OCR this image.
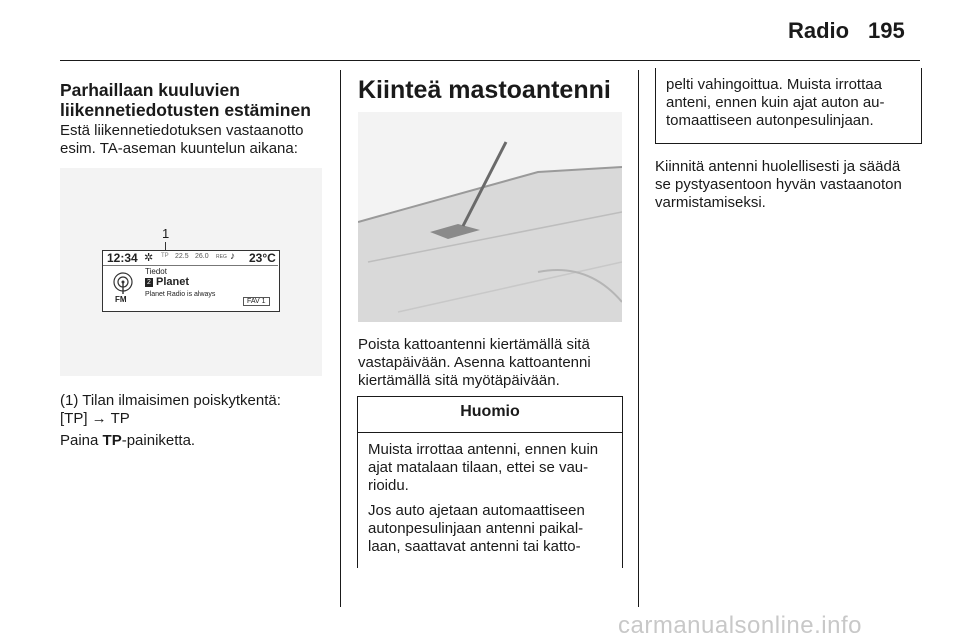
Radio 195
Parhaillaan kuuluvien
liikennetiedotusten estäminen
Estä liikennetiedotuksen vastaanotto
esim. TA-aseman kuuntelun aikana:
1
12:34 ✲ TP 22.5 26.0 REG ♪ 23°C
FM
Tiedot
2 Planet
Planet Radio is always
FAV 1
(1) Tilan ilmaisimen poiskytkentä:
[TP] → TP
Paina TP-painiketta.
Kiinteä mastoantenni
Poista kattoantenni kiertämällä sitä
vastapäivään. Asenna kattoantenni
kiertämällä sitä myötäpäivään.
Huomio

Muista irrottaa antenni, ennen kuin
ajat matalaan tilaan, ettei se vau-
rioidu.

Jos auto ajetaan automaattiseen
autonpesulinjaan antenni paikal-
laan, saattavat antenni tai katto-

pelti vahingoittua. Muista irrottaa
anteni, ennen kuin ajat auton au-
tomaattiseen autonpesulinjaan.
Kiinnitä antenni huolellisesti ja säädä
se pystyasentoon hyvän vastaanoton
varmistamiseksi.
carmanualsonline.info
